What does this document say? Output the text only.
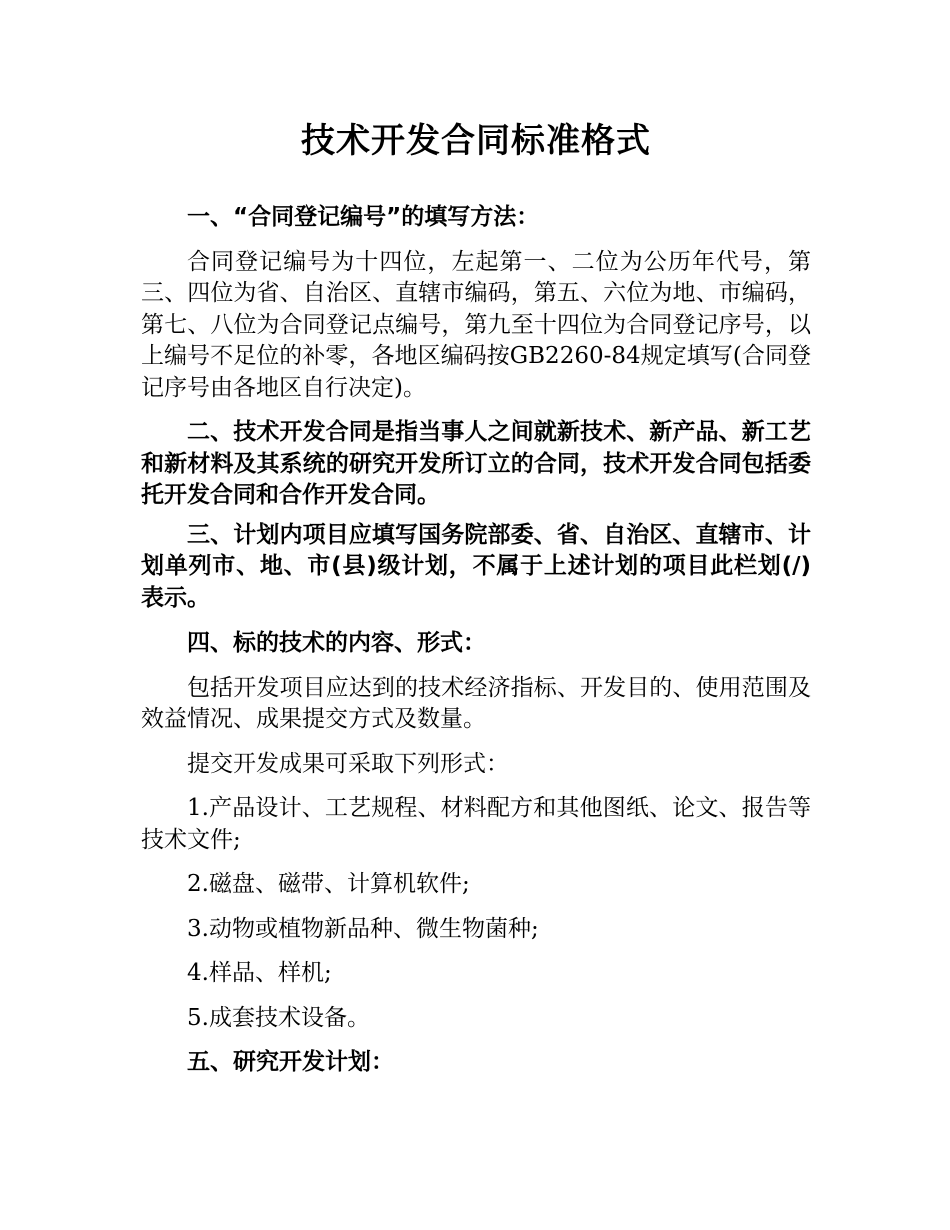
技术开发合同标准格式

一、“合同登记编号”的填写方法：

合同登记编号为十四位，左起第一、二位为公历年代号，第三、四位为省、自治区、直辖市编码，第五、六位为地、市编码，第七、八位为合同登记点编号，第九至十四位为合同登记序号，以上编号不足位的补零，各地区编码按GB2260-84规定填写(合同登记序号由各地区自行决定)。

二、技术开发合同是指当事人之间就新技术、新产品、新工艺和新材料及其系统的研究开发所订立的合同，技术开发合同包括委托开发合同和合作开发合同。

三、计划内项目应填写国务院部委、省、自治区、直辖市、计划单列市、地、市(县)级计划，不属于上述计划的项目此栏划(/)表示。

四、标的技术的内容、形式：

包括开发项目应达到的技术经济指标、开发目的、使用范围及效益情况、成果提交方式及数量。

提交开发成果可采取下列形式：

1.产品设计、工艺规程、材料配方和其他图纸、论文、报告等技术文件;

2.磁盘、磁带、计算机软件;

3.动物或植物新品种、微生物菌种;

4.样品、样机;

5.成套技术设备。

五、研究开发计划：
